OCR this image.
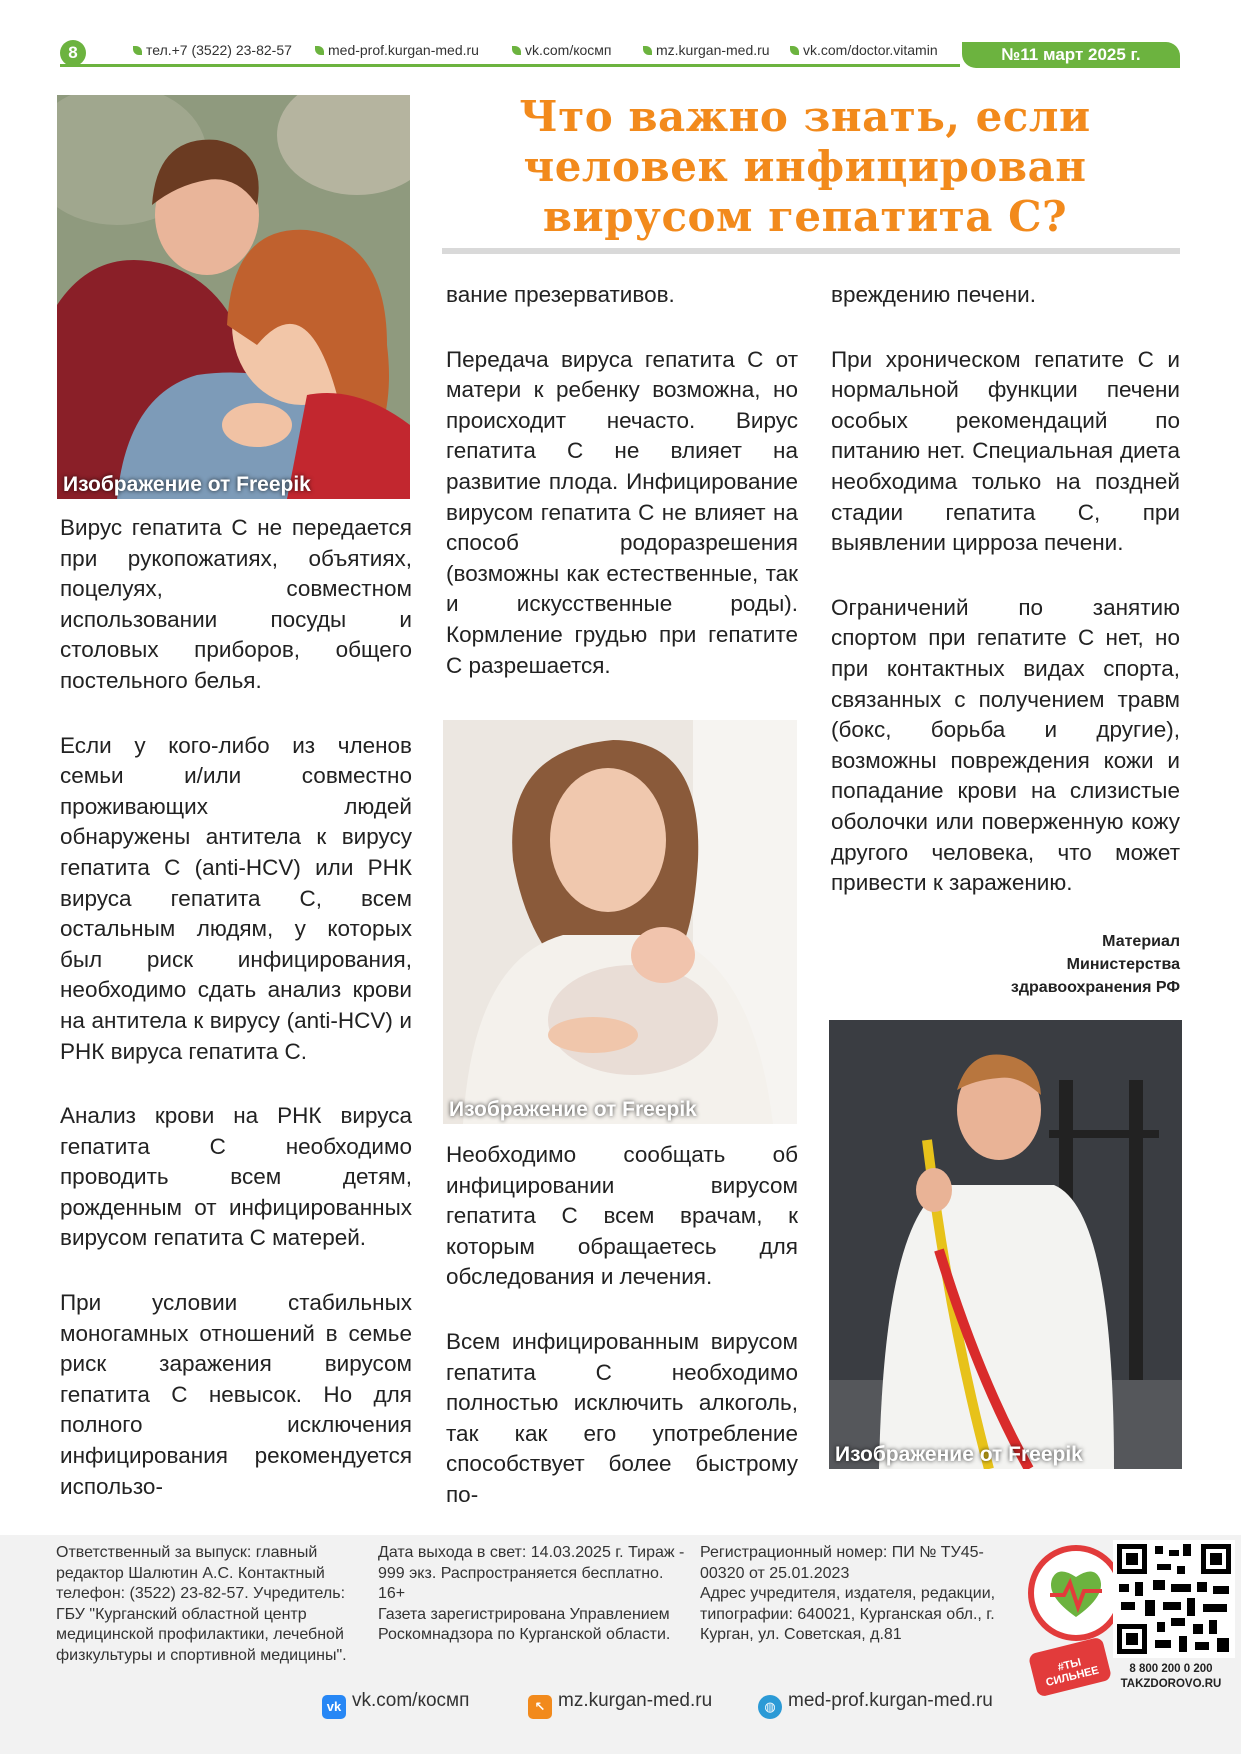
8	тел.+7 (3522) 23-82-57	med-prof.kurgan-med.ru	vk.com/космп	mz.kurgan-med.ru	vk.com/doctor.vitamin	№11 март 2025 г.
Что важно знать, если человек инфицирован вирусом гепатита С?
Изображение от Freepik

Вирус гепатита С не передается при рукопожатиях, объятиях, поцелуях, совместном использовании посуды и столовых приборов, общего постельного белья.

Если у кого-либо из членов семьи и/или совместно проживающих людей обнаружены антитела к вирусу гепатита С (anti-HCV) или РНК вируса гепатита С, всем остальным людям, у которых был риск инфицирования, необходимо сдать анализ крови на антитела к вирусу (anti-HCV) и РНК вируса гепатита С.

Анализ крови на РНК вируса гепатита С необходимо проводить всем детям, рожденным от инфицированных вирусом гепатита С матерей.

При условии стабильных моногамных отношений в семье риск заражения вирусом гепатита С невысок. Но для полного исключения инфицирования рекомендуется использо-

вание презервативов.

Передача вируса гепатита С от матери к ребенку возможна, но происходит нечасто. Вирус гепатита С не влияет на развитие плода. Инфицирование вирусом гепатита С не влияет на способ родоразрешения (возможны как естественные, так и искусственные роды). Кормление грудью при гепатите С разрешается.

Изображение от Freepik

Необходимо сообщать об инфицировании вирусом гепатита С всем врачам, к которым обращаетесь для обследования и лечения.

Всем инфицированным вирусом гепатита С необходимо полностью исключить алкоголь, так как его употребление способствует более быстрому по-

вреждению печени.

При хроническом гепатите С и нормальной функции печени особых рекомендаций по питанию нет. Специальная диета необходима только на поздней стадии гепатита С, при выявлении цирроза печени.

Ограничений по занятию спортом при гепатите С нет, но при контактных видах спорта, связанных с получением травм (бокс, борьба и другие), возможны повреждения кожи и попадание крови на слизистые оболочки или поверженную кожу другого человека, что может привести к заражению.

Материал
Министерства
здравоохранения РФ
Изображение от Freepik
Ответственный за выпуск: главный редактор Шалютин А.С. Контактный телефон: (3522) 23-82-57. Учредитель: ГБУ "Курганский областной центр медицинской профилактики, лечебной физкультуры и спортивной медицины".
Дата выхода в свет: 14.03.2025 г. Тираж - 999 экз. Распространяется бесплатно. 16+
Газета зарегистрирована Управлением Роскомнадзора по Курганской области.
Регистрационный номер: ПИ № ТУ45-00320 от 25.01.2023
Адрес учредителя, издателя, редакции, типографии: 640021, Курганская обл., г. Курган, ул. Советская, д.81
vk vk.com/космп	↖ mz.kurgan-med.ru	◍ med-prof.kurgan-med.ru
#ТЫ СИЛЬНЕЕ	8 800 200 0 200
TAKZDOROVO.RU
